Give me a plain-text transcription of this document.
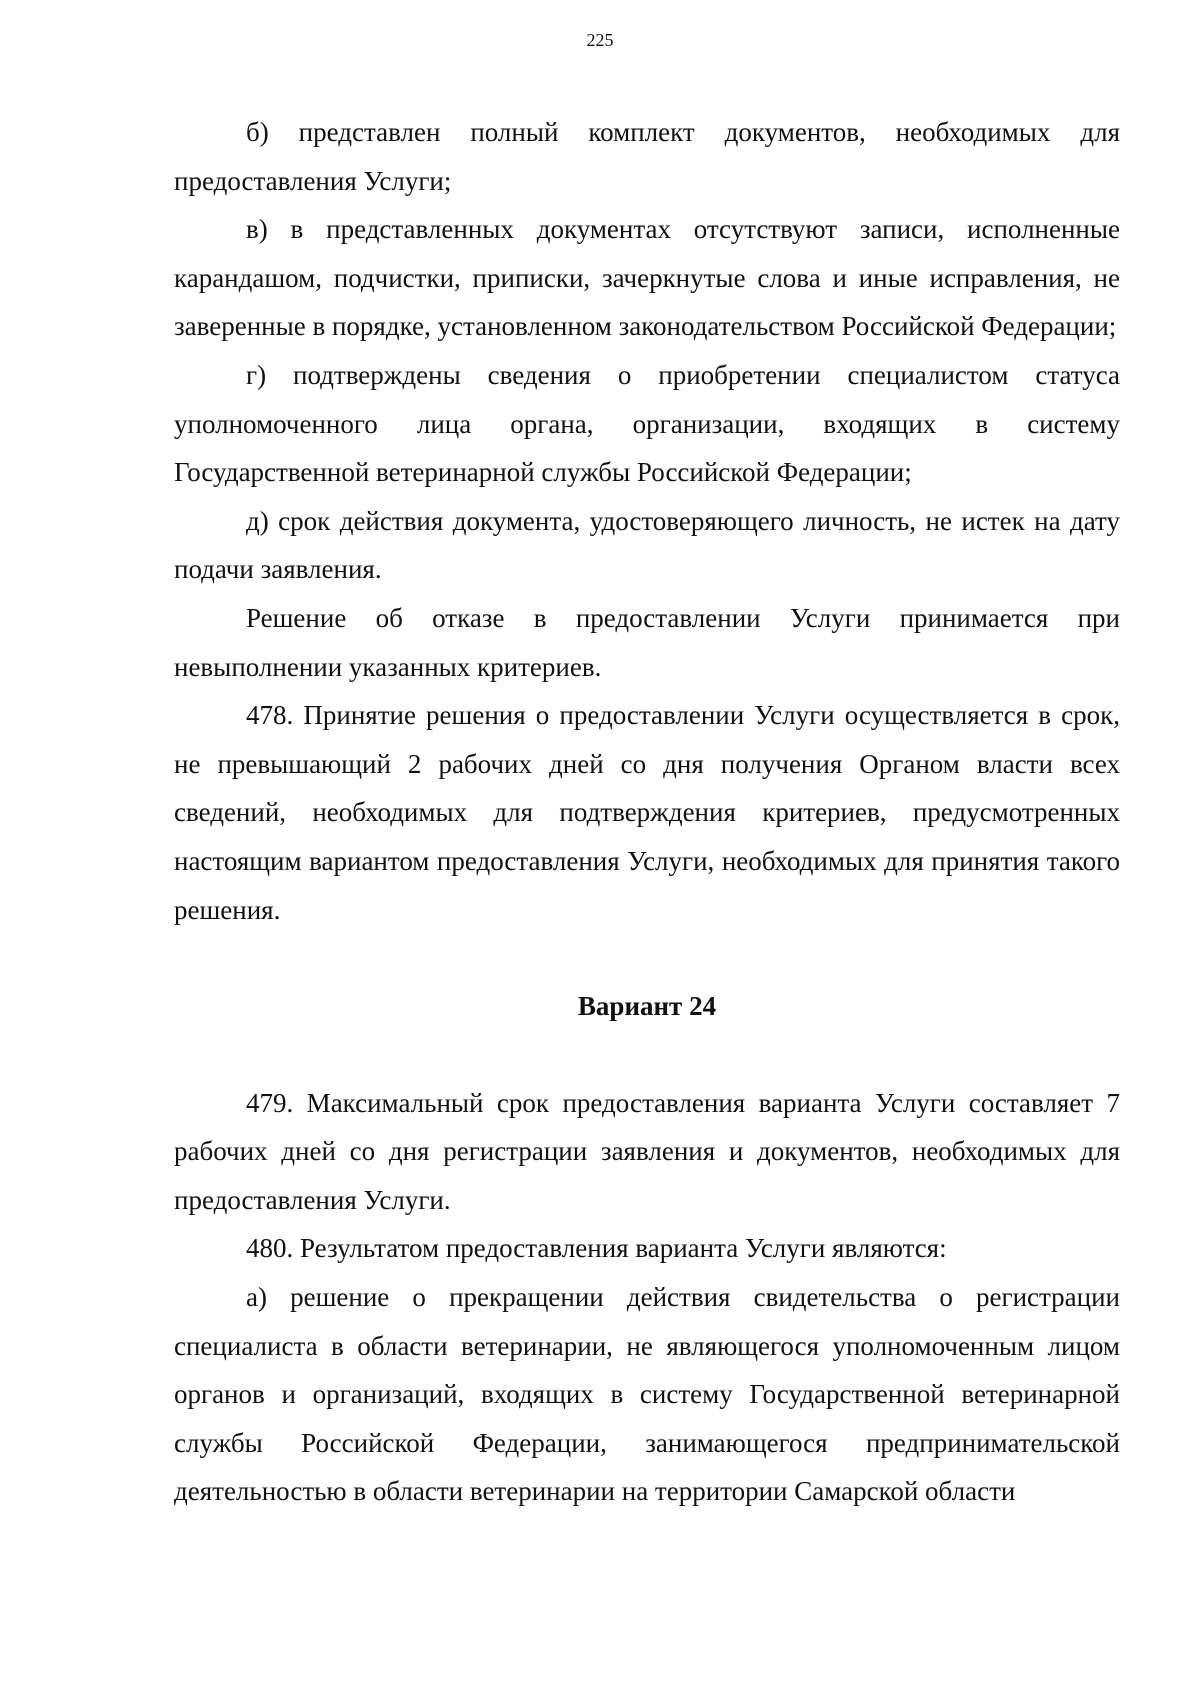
225

б) представлен полный комплект документов, необходимых для предоставления Услуги;

в) в представленных документах отсутствуют записи, исполненные карандашом, подчистки, приписки, зачеркнутые слова и иные исправления, не заверенные в порядке, установленном законодательством Российской Федерации;

г) подтверждены сведения о приобретении специалистом статуса уполномоченного лица органа, организации, входящих в систему Государственной ветеринарной службы Российской Федерации;

д) срок действия документа, удостоверяющего личность, не истек на дату подачи заявления.

Решение об отказе в предоставлении Услуги принимается при невыполнении указанных критериев.

478. Принятие решения о предоставлении Услуги осуществляется в срок, не превышающий 2 рабочих дней со дня получения Органом власти всех сведений, необходимых для подтверждения критериев, предусмотренных настоящим вариантом предоставления Услуги, необходимых для принятия такого решения.

Вариант 24

479. Максимальный срок предоставления варианта Услуги составляет 7 рабочих дней со дня регистрации заявления и документов, необходимых для предоставления Услуги.

480. Результатом предоставления варианта Услуги являются:

а) решение о прекращении действия свидетельства о регистрации специалиста в области ветеринарии, не являющегося уполномоченным лицом органов и организаций, входящих в систему Государственной ветеринарной службы Российской Федерации, занимающегося предпринимательской деятельностью в области ветеринарии на территории Самарской области
